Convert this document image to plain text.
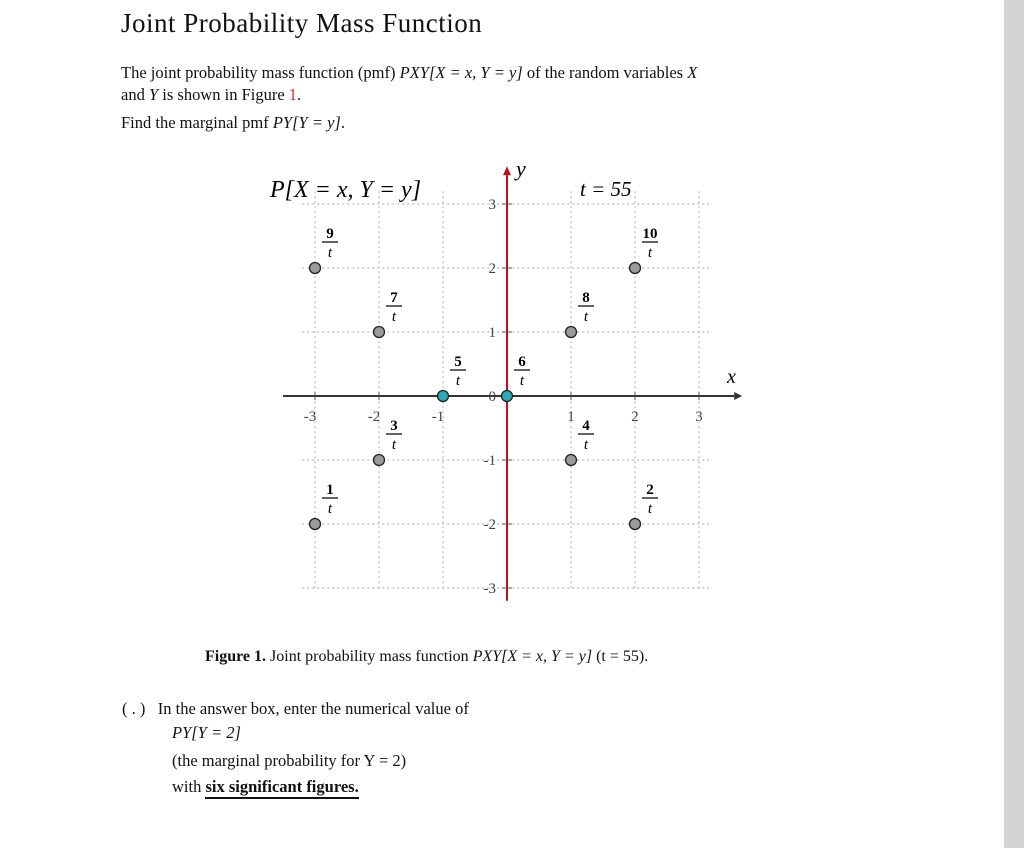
Joint Probability Mass Function
The joint probability mass function (pmf) PXY[X = x, Y = y] of the random variables X
and Y is shown in Figure 1.
Find the marginal pmf PY[Y = y].
-3	-2	-1	1	2	3
3
2
1
-1
-2
-3
0
9
t
10
t
7
t
8
t
5
t
6
t
3
t
4
t
1
t
2
t
P[X = x, Y = y]	t = 55
x
y
Figure 1. Joint probability mass function PXY[X = x, Y = y] (t = 55).
( . ) In the answer box, enter the numerical value of
PY[Y = 2]
(the marginal probability for Y = 2)
with six significant figures.
